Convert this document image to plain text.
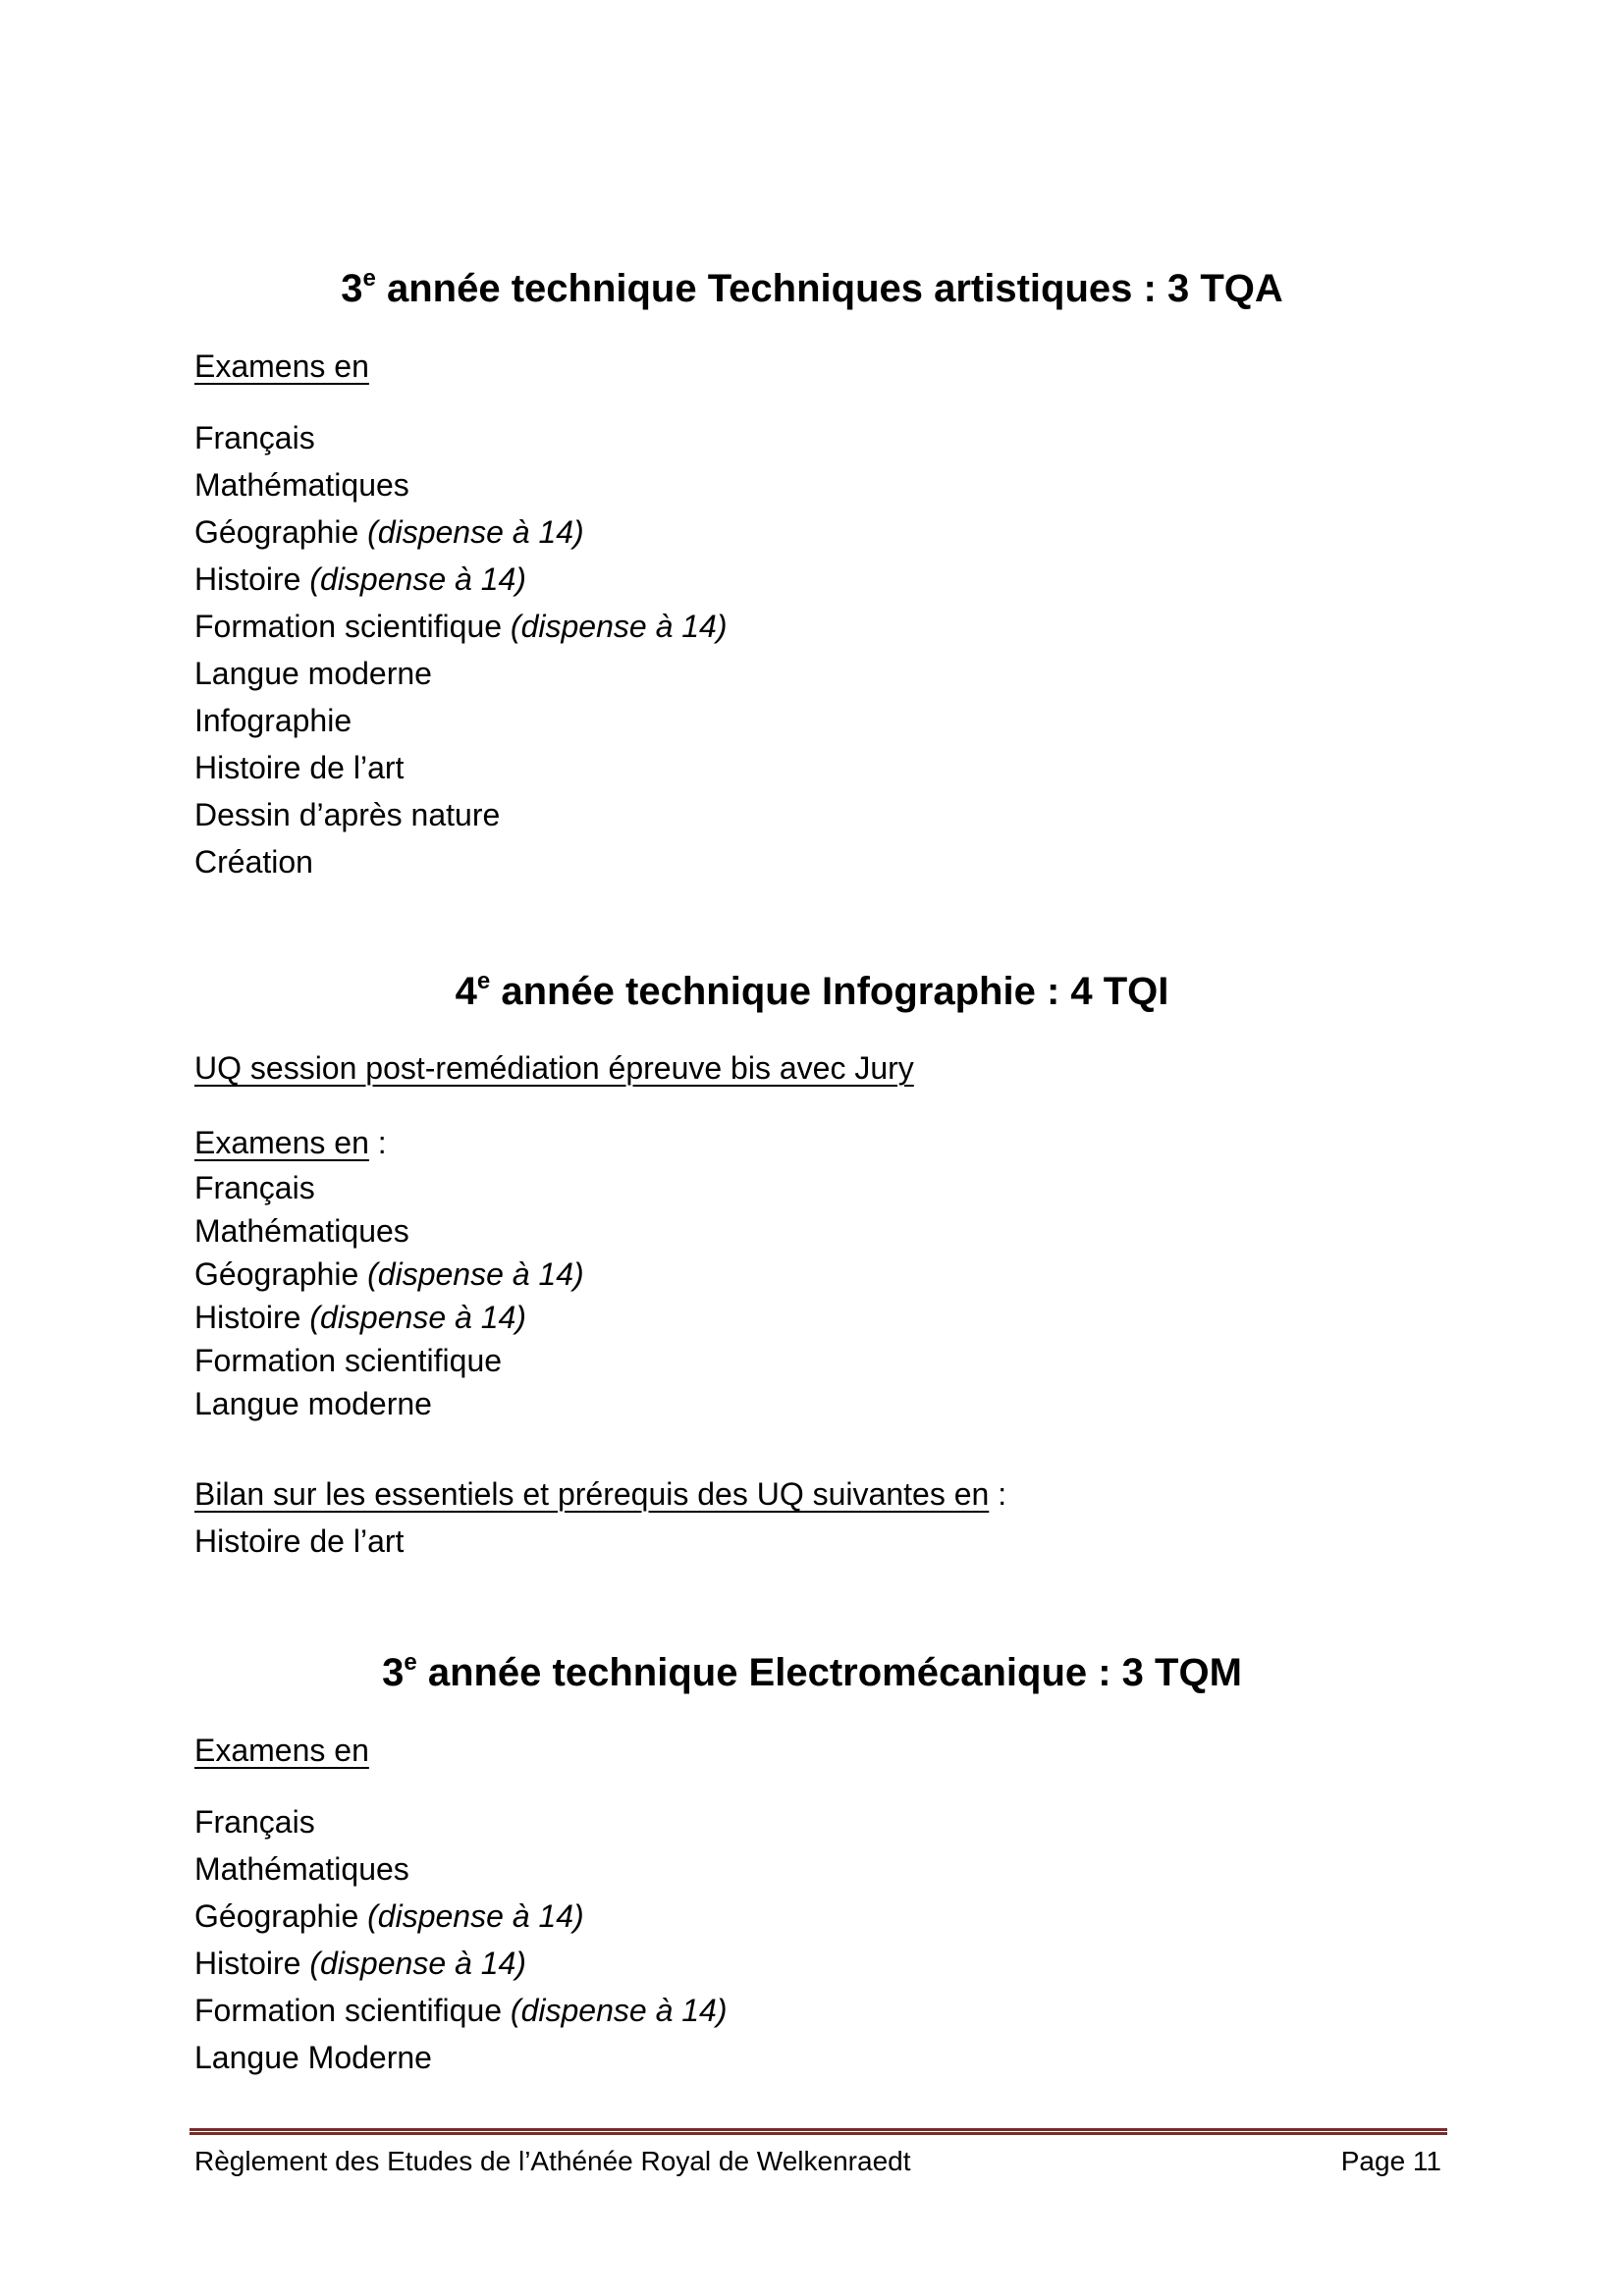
3e année technique Techniques artistiques : 3 TQA
Examens en
Français
Mathématiques
Géographie (dispense à 14)
Histoire (dispense à 14)
Formation scientifique (dispense à 14)
Langue moderne
Infographie
Histoire de l’art
Dessin d’après nature
Création
4e année technique Infographie : 4 TQI
UQ session post-remédiation épreuve bis avec Jury
Examens en :
Français
Mathématiques
Géographie (dispense à 14)
Histoire (dispense à 14)
Formation scientifique
Langue moderne
Bilan sur les essentiels et prérequis des UQ suivantes en :
Histoire de l’art
3e année technique Electromécanique : 3 TQM
Examens en
Français
Mathématiques
Géographie (dispense à 14)
Histoire (dispense à 14)
Formation scientifique (dispense à 14)
Langue Moderne
Règlement des Etudes de l’Athénée Royal de Welkenraedt	Page 11
